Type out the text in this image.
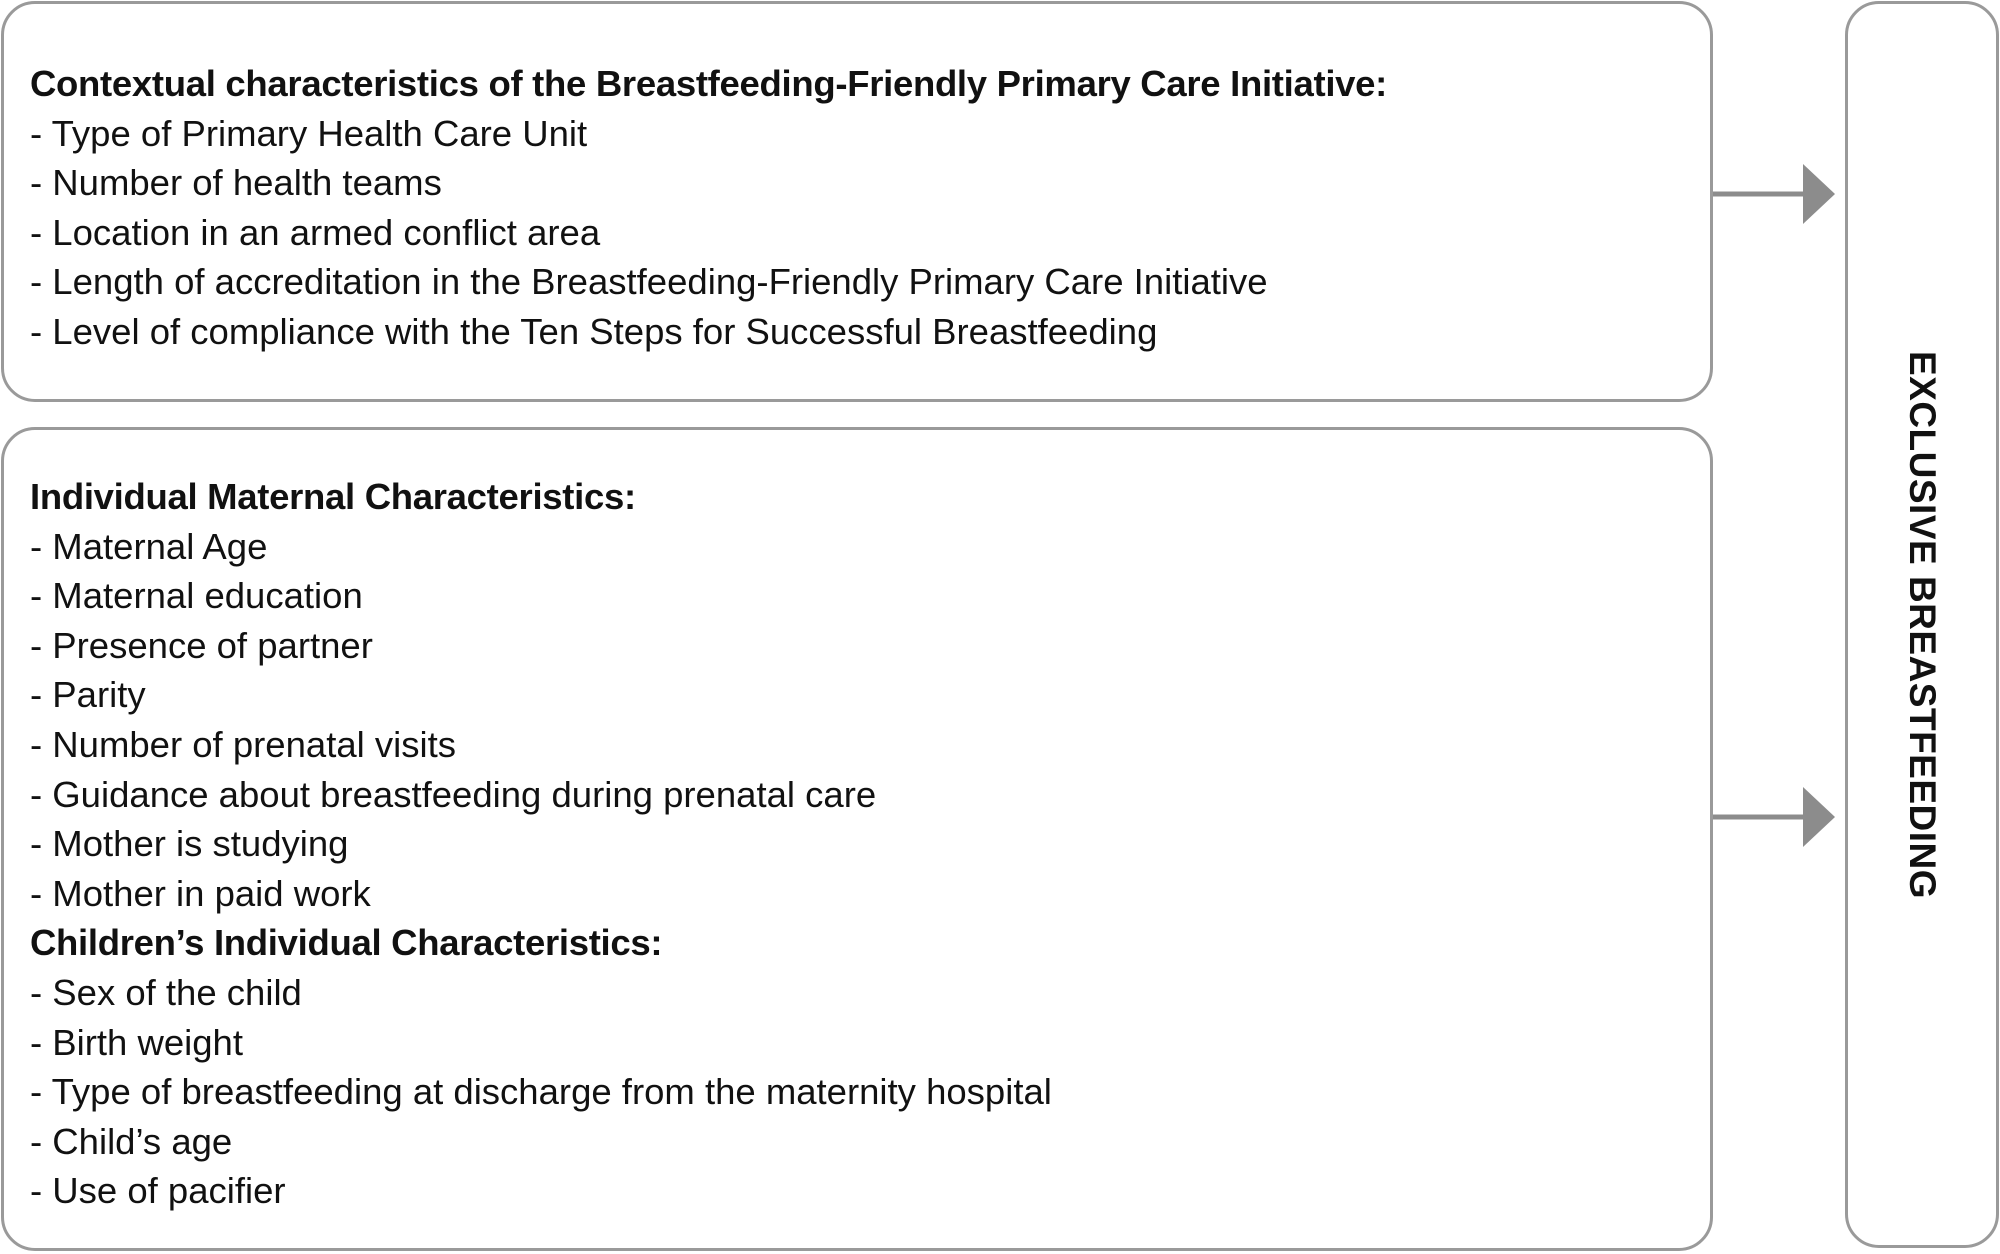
Contextual characteristics of the Breastfeeding-Friendly Primary Care Initiative:
- Type of Primary Health Care Unit
- Number of health teams
- Location in an armed conflict area
- Length of accreditation in the Breastfeeding-Friendly Primary Care Initiative
- Level of compliance with the Ten Steps for Successful Breastfeeding
Individual Maternal Characteristics:
- Maternal Age
- Maternal education
- Presence of partner
- Parity
- Number of prenatal visits
- Guidance about breastfeeding during prenatal care
- Mother is studying
- Mother in paid work
Children’s Individual Characteristics:
- Sex of the child
- Birth weight
- Type of breastfeeding at discharge from the maternity hospital
- Child’s age
- Use of pacifier
EXCLUSIVE BREASTFEEDING
